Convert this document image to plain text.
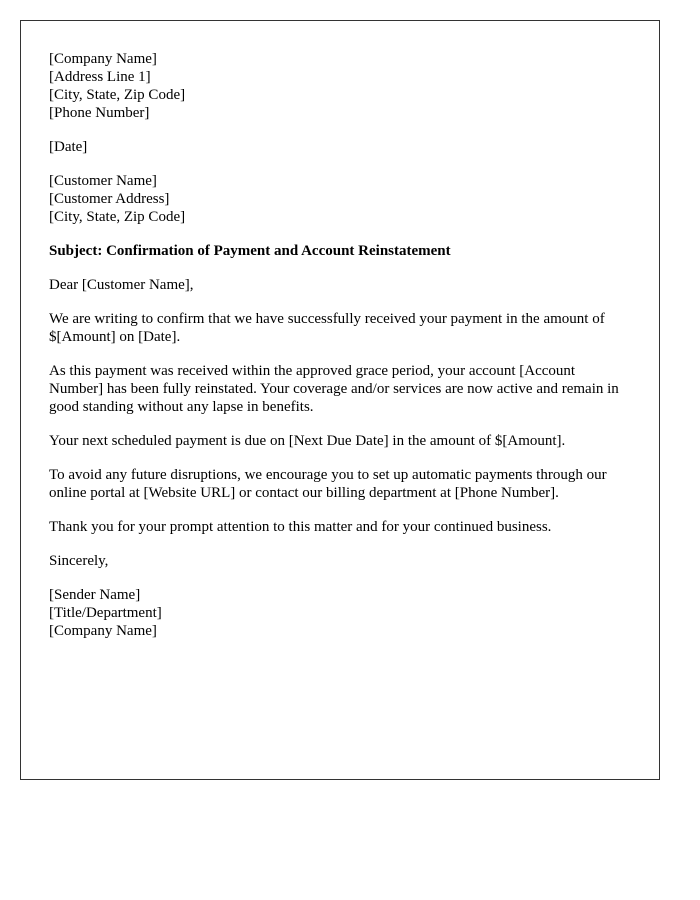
[Company Name]
[Address Line 1]
[City, State, Zip Code]
[Phone Number]
[Date]
[Customer Name]
[Customer Address]
[City, State, Zip Code]
Subject: Confirmation of Payment and Account Reinstatement
Dear [Customer Name],

We are writing to confirm that we have successfully received your payment in the amount of $[Amount] on [Date].

As this payment was received within the approved grace period, your account [Account Number] has been fully reinstated. Your coverage and/or services are now active and remain in good standing without any lapse in benefits.

Your next scheduled payment is due on [Next Due Date] in the amount of $[Amount].

To avoid any future disruptions, we encourage you to set up automatic payments through our online portal at [Website URL] or contact our billing department at [Phone Number].

Thank you for your prompt attention to this matter and for your continued business.

Sincerely,
[Sender Name]
[Title/Department]
[Company Name]
